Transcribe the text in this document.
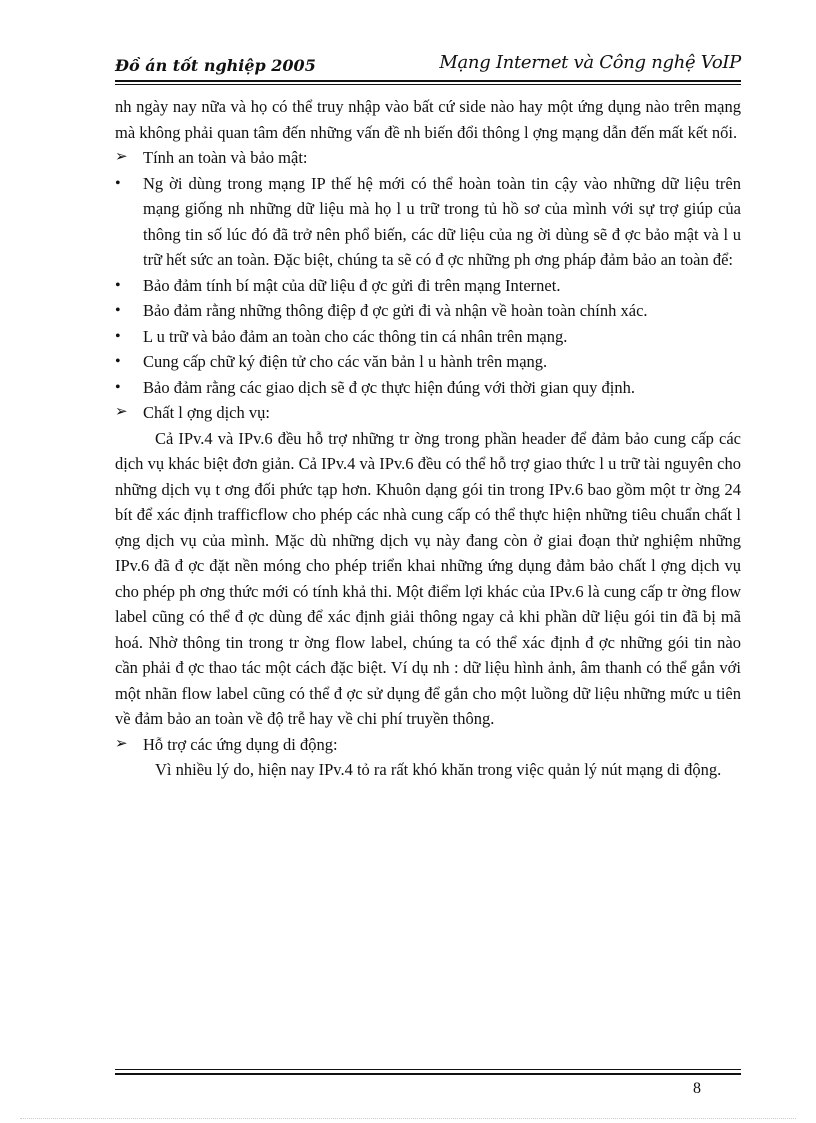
Đồ án tốt nghiệp 2005	Mạng Internet và Công nghệ VoIP

nh ngày nay nữa và họ có thể truy nhập vào bất cứ side nào hay một ứng dụng nào trên mạng mà không phải quan tâm đến những vấn đề nh biến đổi thông l ợng mạng dẫn đến mất kết nối.

➢ Tính an toàn và bảo mật:

• Ng ời dùng trong mạng IP thế hệ mới có thể hoàn toàn tin cậy vào những dữ liệu trên mạng giống nh những dữ liệu mà họ l u trữ trong tủ hồ sơ của mình với sự trợ giúp của thông tin số lúc đó đã trở nên phổ biến, các dữ liệu của ng ời dùng sẽ đ ợc bảo mật và l u trữ hết sức an toàn. Đặc biệt, chúng ta sẽ có đ ợc những ph ơng pháp đảm bảo an toàn để:

• Bảo đảm tính bí mật của dữ liệu đ ợc gửi đi trên mạng Internet.

• Bảo đảm rằng những thông điệp đ ợc gửi đi và nhận về hoàn toàn chính xác.

• L u trữ và bảo đảm an toàn cho các thông tin cá nhân trên mạng.

• Cung cấp chữ ký điện tử cho các văn bản l u hành trên mạng.

• Bảo đảm rằng các giao dịch sẽ đ ợc thực hiện đúng với thời gian quy định.

➢ Chất l ợng dịch vụ:

Cả IPv.4 và IPv.6 đều hỗ trợ những tr ờng trong phần header để đảm bảo cung cấp các dịch vụ khác biệt đơn giản. Cả IPv.4 và IPv.6 đều có thể hỗ trợ giao thức l u trữ tài nguyên cho những dịch vụ t ơng đối phức tạp hơn. Khuôn dạng gói tin trong IPv.6 bao gồm một tr ờng 24 bít để xác định trafficflow cho phép các nhà cung cấp có thể thực hiện những tiêu chuẩn chất l ợng dịch vụ của mình. Mặc dù những dịch vụ này đang còn ở giai đoạn thử nghiệm những IPv.6 đã đ ợc đặt nền móng cho phép triển khai những ứng dụng đảm bảo chất l ợng dịch vụ cho phép ph ơng thức mới có tính khả thi. Một điểm lợi khác của IPv.6 là cung cấp tr ờng flow label cũng có thể đ ợc dùng để xác định giải thông ngay cả khi phần dữ liệu gói tin đã bị mã hoá. Nhờ thông tin trong tr ờng flow label, chúng ta có thể xác định đ ợc những gói tin nào cần phải đ ợc thao tác một cách đặc biệt. Ví dụ nh : dữ liệu hình ảnh, âm thanh có thể gắn với một nhãn flow label cũng có thể đ ợc sử dụng để gắn cho một luồng dữ liệu những mức u tiên về đảm bảo an toàn về độ trễ hay về chi phí truyền thông.

➢ Hỗ trợ các ứng dụng di động:

Vì nhiều lý do, hiện nay IPv.4 tỏ ra rất khó khăn trong việc quản lý nút mạng di động.

8
